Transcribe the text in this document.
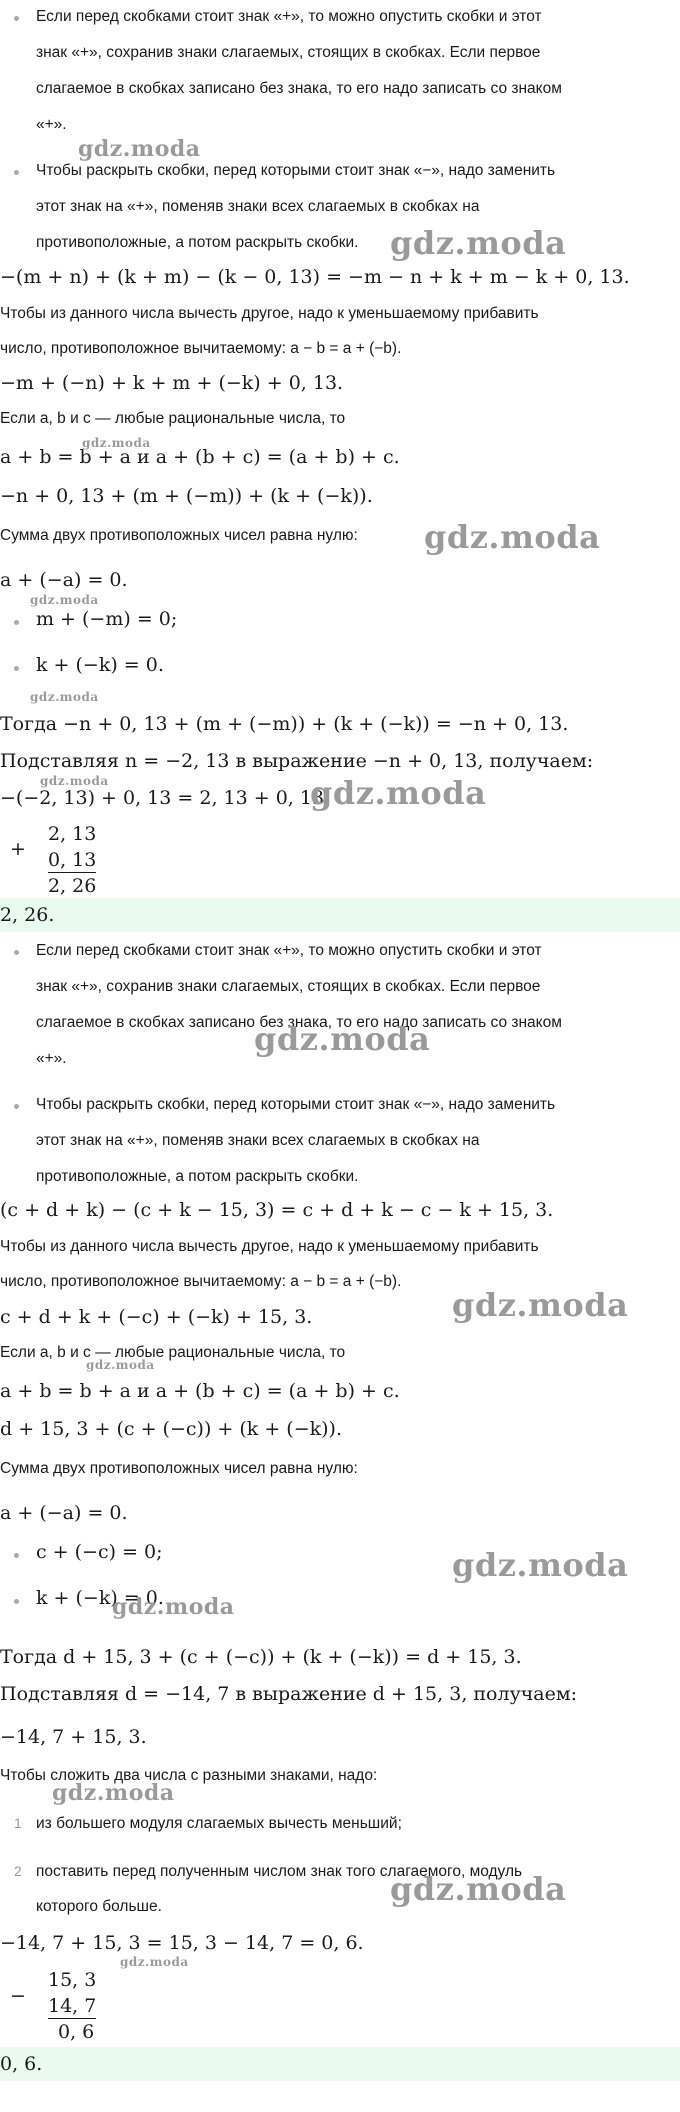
Если перед скобками стоит знак «+», то можно опустить скобки и этот
знак «+», сохранив знаки слагаемых, стоящих в скобках. Если первое
слагаемое в скобках записано без знака, то его надо записать со знаком
«+».
Чтобы раскрыть скобки, перед которыми стоит знак «−», надо заменить
этот знак на «+», поменяв знаки всех слагаемых в скобках на
противоположные, а потом раскрыть скобки.
−(m + n) + (k + m) − (k − 0, 13) = −m − n + k + m − k + 0, 13.
Чтобы из данного числа вычесть другое, надо к уменьшаемому прибавить
число, противоположное вычитаемому: a − b = a + (−b).
−m + (−n) + k + m + (−k) + 0, 13.
Если a, b и c — любые рациональные числа, то
a + b = b + a и a + (b + c) = (a + b) + c.
−n + 0, 13 + (m + (−m)) + (k + (−k)).
Сумма двух противоположных чисел равна нулю:
a + (−a) = 0.
m + (−m) = 0;
k + (−k) = 0.
Тогда −n + 0, 13 + (m + (−m)) + (k + (−k)) = −n + 0, 13.
Подставляя n = −2, 13 в выражение −n + 0, 13, получаем:
−(−2, 13) + 0, 13 = 2, 13 + 0, 13.
+
2, 13
0, 13
2, 26
2, 26.
Если перед скобками стоит знак «+», то можно опустить скобки и этот
знак «+», сохранив знаки слагаемых, стоящих в скобках. Если первое
слагаемое в скобках записано без знака, то его надо записать со знаком
«+».
Чтобы раскрыть скобки, перед которыми стоит знак «−», надо заменить
этот знак на «+», поменяв знаки всех слагаемых в скобках на
противоположные, а потом раскрыть скобки.
(c + d + k) − (c + k − 15, 3) = c + d + k − c − k + 15, 3.
Чтобы из данного числа вычесть другое, надо к уменьшаемому прибавить
число, противоположное вычитаемому: a − b = a + (−b).
c + d + k + (−c) + (−k) + 15, 3.
Если a, b и c — любые рациональные числа, то
a + b = b + a и a + (b + c) = (a + b) + c.
d + 15, 3 + (c + (−c)) + (k + (−k)).
Сумма двух противоположных чисел равна нулю:
a + (−a) = 0.
c + (−c) = 0;
k + (−k) = 0.
Тогда d + 15, 3 + (c + (−c)) + (k + (−k)) = d + 15, 3.
Подставляя d = −14, 7 в выражение d + 15, 3, получаем:
−14, 7 + 15, 3.
Чтобы сложить два числа с разными знаками, надо:
1 из большего модуля слагаемых вычесть меньший;
2 поставить перед полученным числом знак того слагаемого, модуль
которого больше.
−14, 7 + 15, 3 = 15, 3 − 14, 7 = 0, 6.
−
15, 3
14, 7
0, 6
0, 6.
gdz.moda
gdz.moda
gdz.moda
gdz.moda
gdz.moda
gdz.moda
gdz.moda	gdz.moda
gdz.moda
gdz.moda
gdz.moda
gdz.moda
gdz.moda
gdz.moda
gdz.moda
gdz.moda
